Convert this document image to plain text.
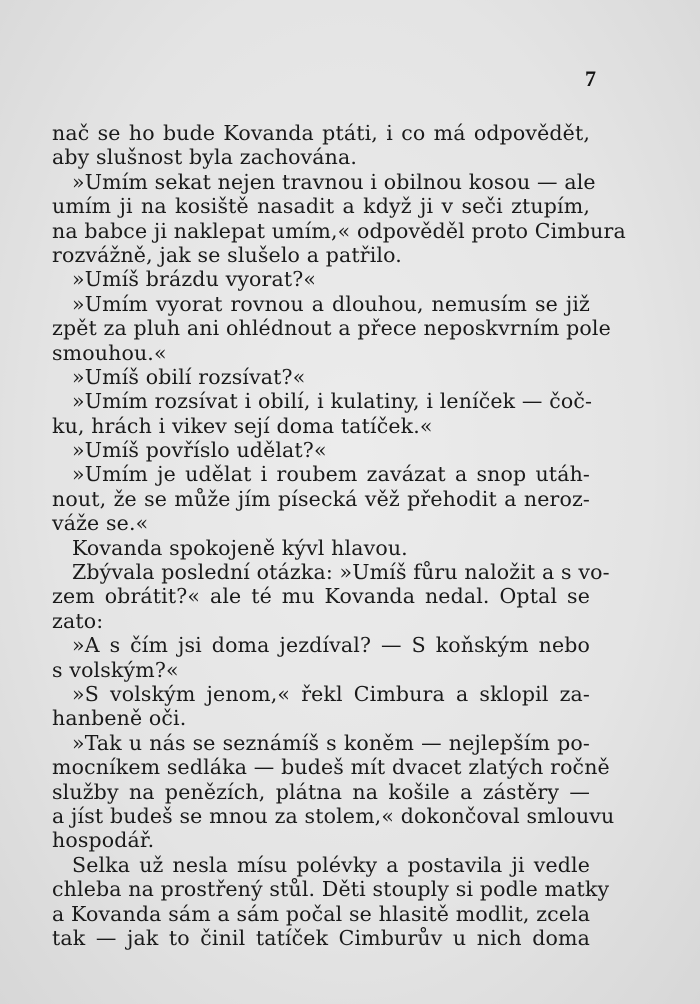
7
nač se ho bude Kovanda ptáti, i co má odpovědět,
aby slušnost byla zachována.
»Umím sekat nejen travnou i obilnou kosou — ale
umím ji na kosiště nasadit a když ji v seči ztupím,
na babce ji naklepat umím,« odpověděl proto Cimbura
rozvážně, jak se slušelo a patřilo.
»Umíš brázdu vyorat?«
»Umím vyorat rovnou a dlouhou, nemusím se již
zpět za pluh ani ohlédnout a přece neposkvrním pole
smouhou.«
»Umíš obilí rozsívat?«
»Umím rozsívat i obilí, i kulatiny, i leníček — čoč-
ku, hrách i vikev sejí doma tatíček.«
»Umíš povříslo udělat?«
»Umím je udělat i roubem zavázat a snop utáh-
nout, že se může jím písecká věž přehodit a neroz-
váže se.«
Kovanda spokojeně kývl hlavou.
Zbývala poslední otázka: »Umíš fůru naložit a s vo-
zem obrátit?« ale té mu Kovanda nedal. Optal se
zato:
»A s čím jsi doma jezdíval? — S koňským nebo
s volským?«
»S volským jenom,« řekl Cimbura a sklopil za-
hanbeně oči.
»Tak u nás se seznámíš s koněm — nejlepším po-
mocníkem sedláka — budeš mít dvacet zlatých ročně
služby na penězích, plátna na košile a zástěry —
a jíst budeš se mnou za stolem,« dokončoval smlouvu
hospodář.
Selka už nesla mísu polévky a postavila ji vedle
chleba na prostřený stůl. Děti stouply si podle matky
a Kovanda sám a sám počal se hlasitě modlit, zcela
tak — jak to činil tatíček Cimburův u nich doma
